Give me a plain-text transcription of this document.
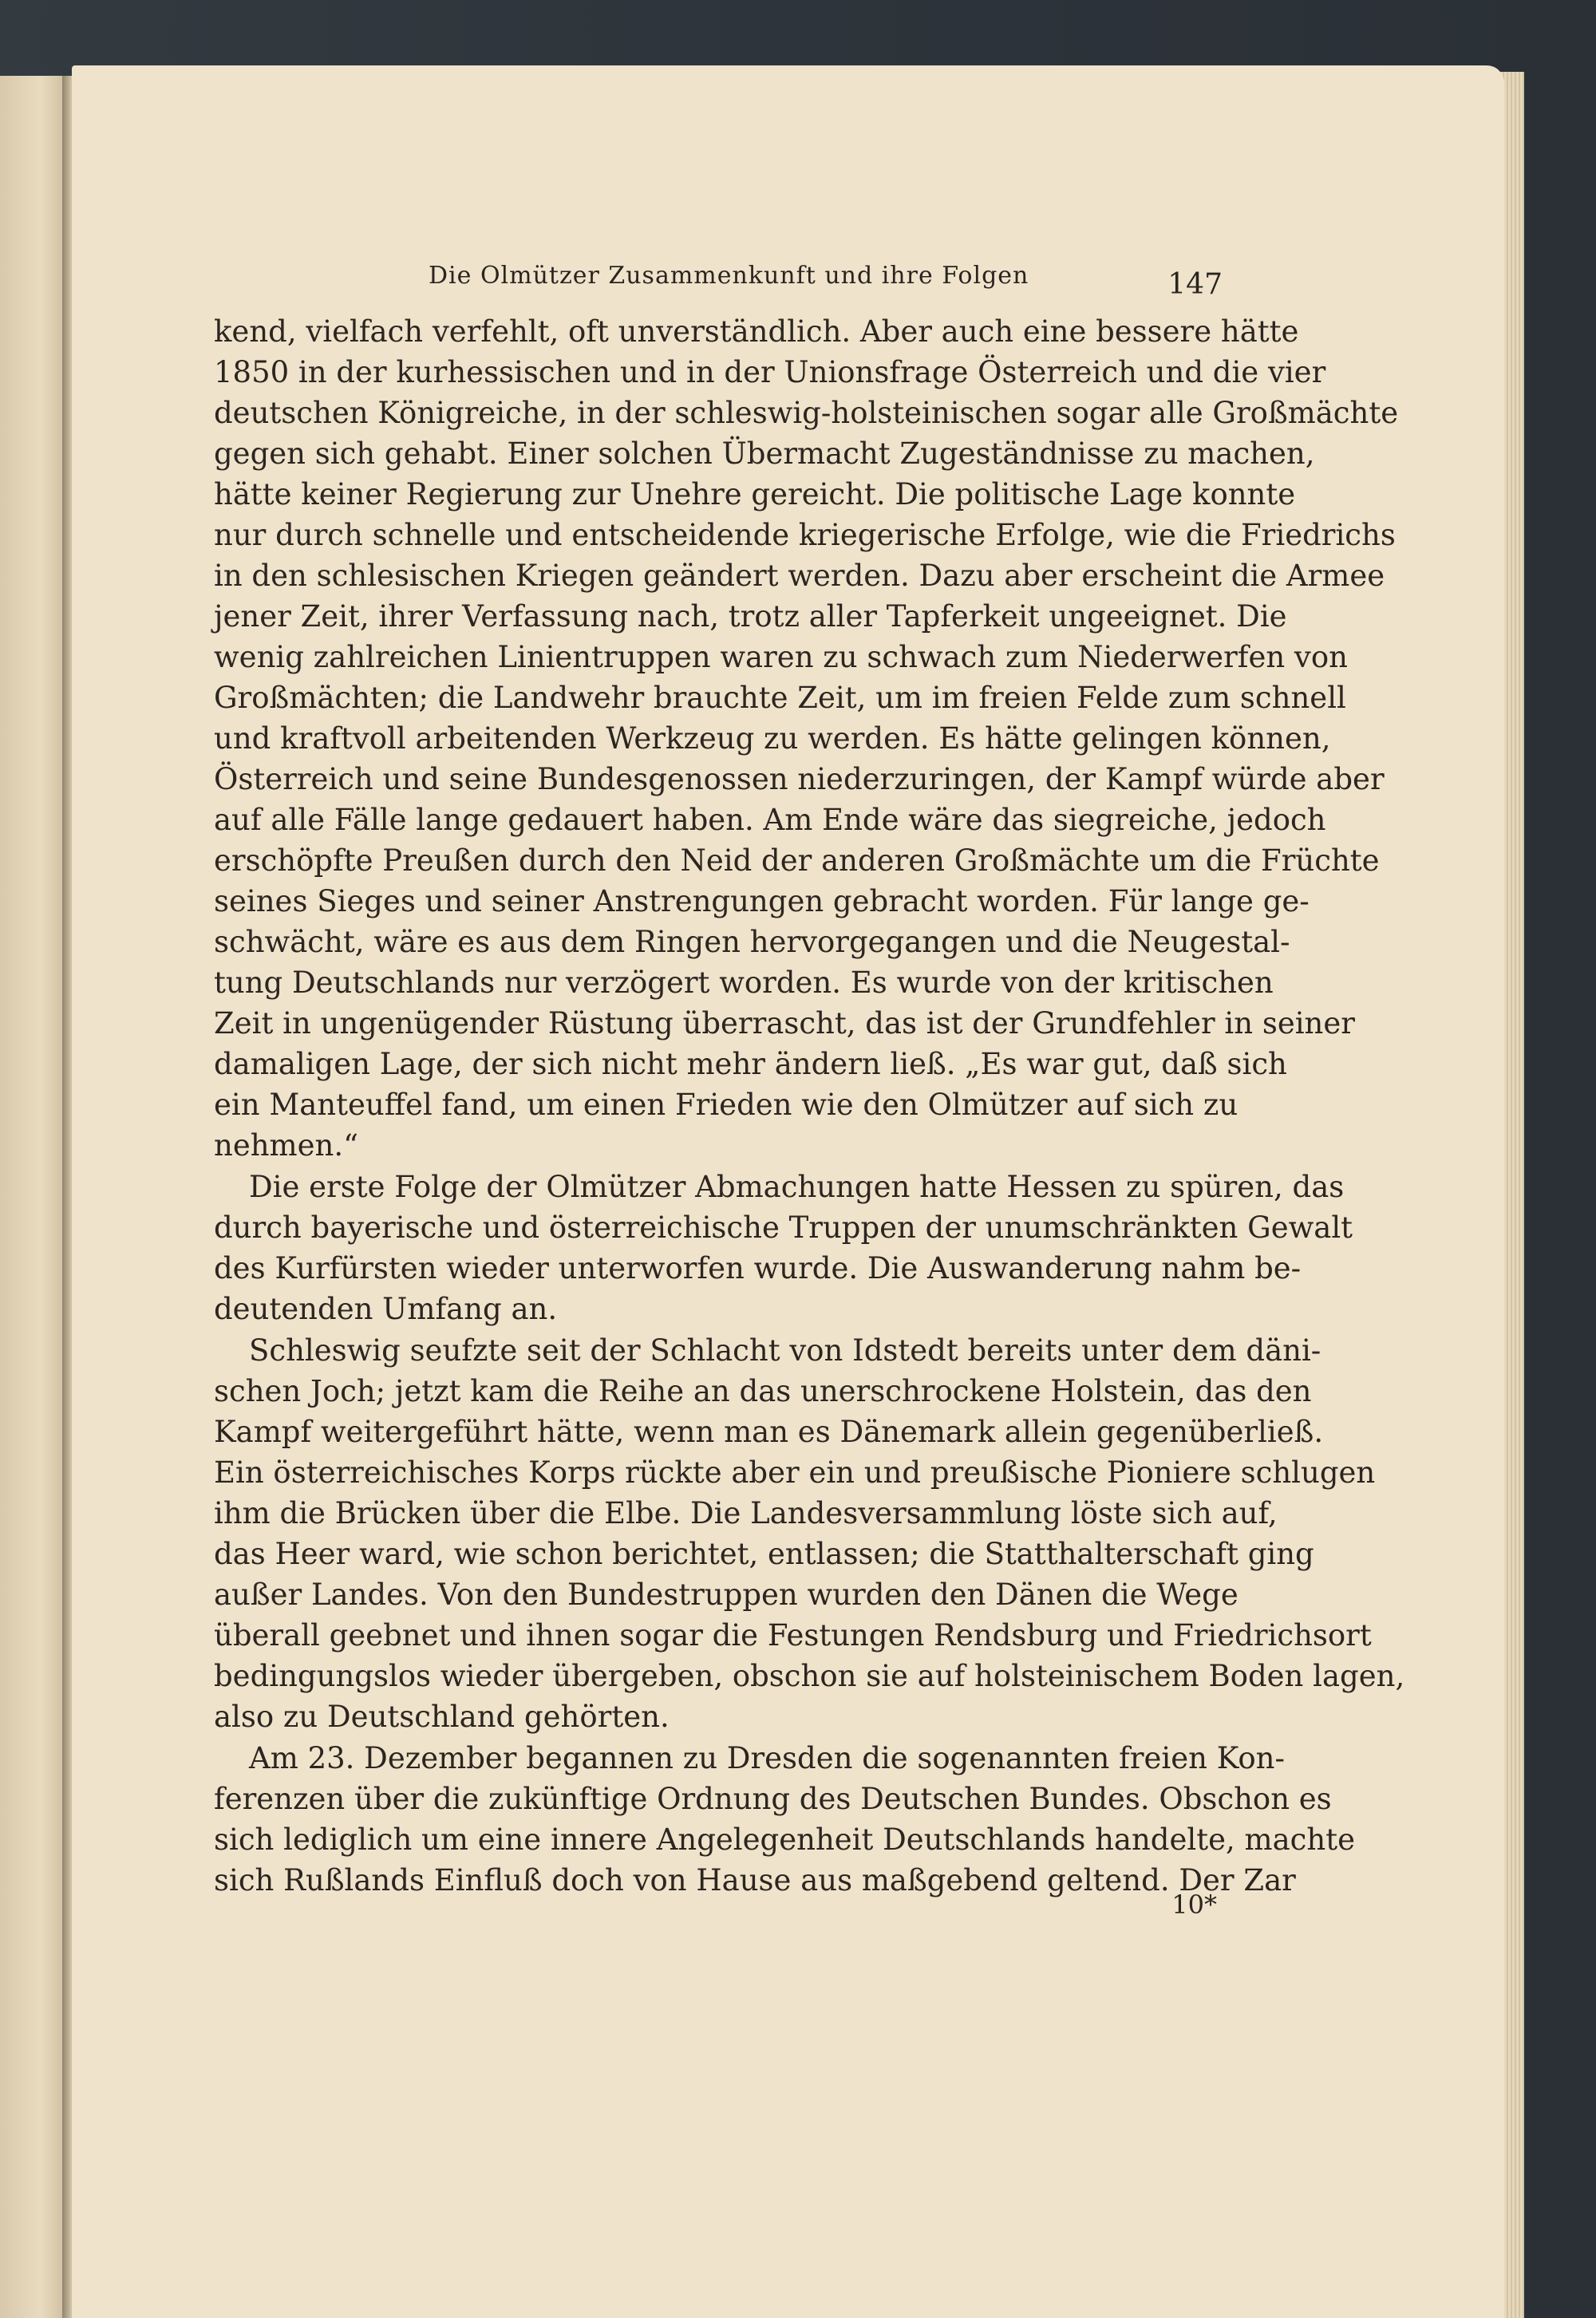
Die Olmützer Zusammenkunft und ihre Folgen	147
kend, vielfach verfehlt, oft unverständlich. Aber auch eine bessere hätte
1850 in der kurhessischen und in der Unionsfrage Österreich und die vier
deutschen Königreiche, in der schleswig-holsteinischen sogar alle Großmächte
gegen sich gehabt. Einer solchen Übermacht Zugeständnisse zu machen,
hätte keiner Regierung zur Unehre gereicht. Die politische Lage konnte
nur durch schnelle und entscheidende kriegerische Erfolge, wie die Friedrichs
in den schlesischen Kriegen geändert werden. Dazu aber erscheint die Armee
jener Zeit, ihrer Verfassung nach, trotz aller Tapferkeit ungeeignet. Die
wenig zahlreichen Linientruppen waren zu schwach zum Niederwerfen von
Großmächten; die Landwehr brauchte Zeit, um im freien Felde zum schnell
und kraftvoll arbeitenden Werkzeug zu werden. Es hätte gelingen können,
Österreich und seine Bundesgenossen niederzuringen, der Kampf würde aber
auf alle Fälle lange gedauert haben. Am Ende wäre das siegreiche, jedoch
erschöpfte Preußen durch den Neid der anderen Großmächte um die Früchte
seines Sieges und seiner Anstrengungen gebracht worden. Für lange ge-
schwächt, wäre es aus dem Ringen hervorgegangen und die Neugestal-
tung Deutschlands nur verzögert worden. Es wurde von der kritischen
Zeit in ungenügender Rüstung überrascht, das ist der Grundfehler in seiner
damaligen Lage, der sich nicht mehr ändern ließ. „Es war gut, daß sich
ein Manteuffel fand, um einen Frieden wie den Olmützer auf sich zu
nehmen.“
Die erste Folge der Olmützer Abmachungen hatte Hessen zu spüren, das
durch bayerische und österreichische Truppen der unumschränkten Gewalt
des Kurfürsten wieder unterworfen wurde. Die Auswanderung nahm be-
deutenden Umfang an.
Schleswig seufzte seit der Schlacht von Idstedt bereits unter dem däni-
schen Joch; jetzt kam die Reihe an das unerschrockene Holstein, das den
Kampf weitergeführt hätte, wenn man es Dänemark allein gegenüberließ.
Ein österreichisches Korps rückte aber ein und preußische Pioniere schlugen
ihm die Brücken über die Elbe. Die Landesversammlung löste sich auf,
das Heer ward, wie schon berichtet, entlassen; die Statthalterschaft ging
außer Landes. Von den Bundestruppen wurden den Dänen die Wege
überall geebnet und ihnen sogar die Festungen Rendsburg und Friedrichsort
bedingungslos wieder übergeben, obschon sie auf holsteinischem Boden lagen,
also zu Deutschland gehörten.
Am 23. Dezember begannen zu Dresden die sogenannten freien Kon-
ferenzen über die zukünftige Ordnung des Deutschen Bundes. Obschon es
sich lediglich um eine innere Angelegenheit Deutschlands handelte, machte
sich Rußlands Einfluß doch von Hause aus maßgebend geltend. Der Zar
10*
